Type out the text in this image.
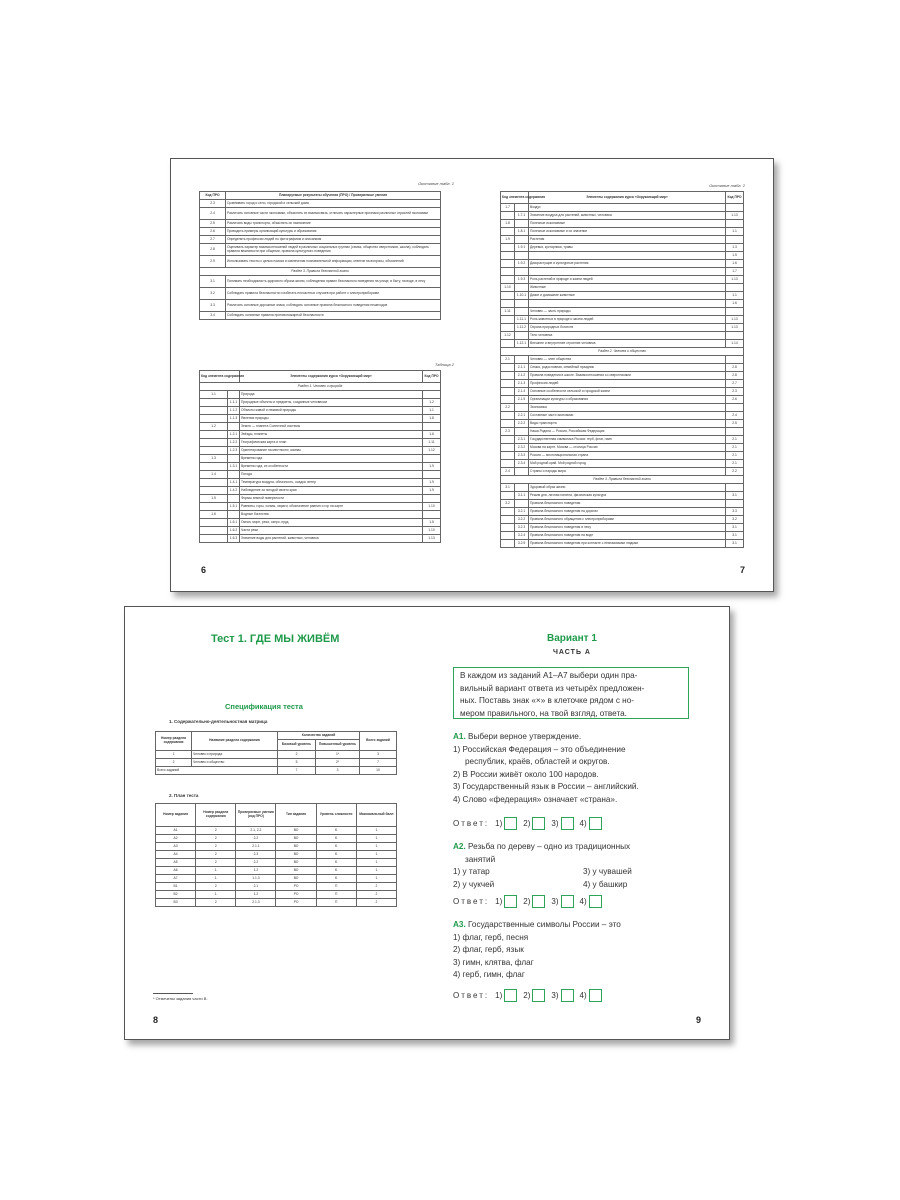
Окончание табл. 1
Код ПРО	Планируемые результаты обучения (ПРО) / Проверяемые умения
2.3	Сравнивать город и село, городской и сельский дома
2.4	Различать основные части экономики, объяснять их взаимосвязь, отличать характерные признаки различных отраслей экономики
2.5	Различать виды транспорта, объяснять их назначение
2.6	Приводить примеры организаций культуры и образования
2.7	Определять профессии людей по фотографиям и описаниям
2.8	Оценивать характер взаимоотношений людей в различных социальных группах (семья, общество сверстников, школа); соблюдать правила вежливости при общении, правила культурного поведения
2.9	Использовать тексты с целью поиска и извлечения познавательной информации, ответов на вопросы, объяснений
Раздел 3. Правила безопасной жизни	
3.1	Понимать необходимость здорового образа жизни, соблюдения правил безопасного поведения на улице, в быту, на воде, в лесу
3.2	Соблюдать правила безопасности и избегать несчастных случаев при работе с электроприборами
3.3	Различать основные дорожные знаки, соблюдать основные правила безопасного поведения пешеходов
3.4	Соблюдать основные правила противопожарной безопасности
Таблица 2
Код элемента содержания		Элементы содержания курса «Окружающий мир»	Код ПРО
Раздел 1. Человек и природа			
1.1		Природа	
	1.1.1	Природные объекты и предметы, созданные человеком	1.2
	1.1.2	Объекты живой и неживой природы	1.1
	1.1.3	Явления природы	1.8
1.2		Земля — планета Солнечной системы	
	1.2.1	Звёзды, планеты	1.6
	1.2.2	Географическая карта и план	1.11
	1.2.3	Ориентирование на местности; компас	1.12
1.3		Времена года	
	1.3.1	Времена года, их особенности	1.9
1.4		Погода	
	1.4.1	Температура воздуха, облачность, осадки, ветер	1.9
	1.4.2	Наблюдение за погодой своего края	1.9
1.5		Формы земной поверхности	
	1.5.1	Равнины, горы, холмы, овраги; обозначение равнин и гор на карте	1.10
1.6		Водные богатства	
	1.6.1	Океан, море, река, озеро, пруд	1.5
	1.6.2	Части реки	1.10
	1.6.3	Значение воды для растений, животных, человека	1.13
6
Окончание табл. 2
Код элемента содержания		Элементы содержания курса «Окружающий мир»	Код ПРО
1.7		Воздух	
	1.7.1	Значение воздуха для растений, животных, человека	1.13
1.8		Полезные ископаемые	
	1.8.1	Полезные ископаемые и их значение	1.1
1.9		Растения	
	1.9.1	Деревья, кустарники, травы	1.3
			1.5
	1.9.2	Дикорастущие и культурные растения	1.6
			1.7
	1.9.3	Роль растений в природе и жизни людей	1.13
1.10		Животные	
	1.10.1	Дикие и домашние животные	1.1
			1.6
1.11		Человек — часть природы	
	1.11.1	Роль животных в природе и жизни людей	1.13
	1.11.2	Охрана природных богатств	1.13
1.12		Тело человека	
	1.12.1	Внешнее и внутреннее строение человека	1.14
Раздел 2. Человек и общество			
2.1		Человек — член общества	
	2.1.1	Семья, родословная, семейный праздник	2.8
	2.1.2	Правила поведения в школе. Взаимоотношения со сверстниками	2.8
	2.1.3	Профессии людей	2.7
	2.1.4	Основные особенности сельской и городской жизни	2.3
	2.1.5	Организации культуры и образования	2.6
2.2		Экономика	
	2.2.1	Составные части экономики	2.4
	2.2.2	Виды транспорта	2.5
2.3		Наша Родина — Россия, Российская Федерация	
	2.3.1	Государственная символика России: герб, флаг, гимн	2.1
	2.3.2	Москва на карте. Москва — столица России	2.1
	2.3.3	Россия — многонациональная страна	2.1
	2.3.4	Мой родной край. Мой родной город	2.1
2.4		Страны и народы мира	2.2
Раздел 3. Правила безопасной жизни			
3.1		Здоровый образ жизни	
	3.1.1	Режим дня, личная гигиена, физическая культура	3.1
3.2		Правила безопасного поведения	
	3.2.1	Правила безопасного поведения на дорогах	3.3
	3.2.2	Правила безопасного обращения с электроприборами	3.2
	3.2.3	Правила безопасного поведения в лесу	3.1
	3.2.4	Правила безопасного поведения на воде	3.1
	3.2.5	Правила безопасного поведения при контакте с незнакомыми людьми	3.1
7
Тест 1. ГДЕ МЫ ЖИВЁМ
Спецификация теста
1. Содержательно-деятельностная матрица
Номер раздела содержания	Название раздела содержания	Количество заданий		Всего заданий
		Базовый уровень	Повышенный уровень	
1	Человек и природа	2	1*	3
2	Человек и общество	5	2*	7
Всего заданий		7	3	10
2. План теста
Номер задания	Номер раздела содержания	Проверяемые умения (код ПРО)	Тип задания	Уровень сложности	Максимальный балл
А1	2	2.1, 2.2	ВО	Б	1
А2	2	2.2	ВО	Б	1
А3	2	2.1.1	ВО	Б	1
А4	2	2.3	ВО	Б	1
А5	2	2.2	ВО	Б	1
А6	1	1.2	ВО	Б	1
А7	1	1.1.3	ВО	Б	1
В1	2	2.1	РО	П	2
В2	1	1.2	РО	П	2
В3	2	2.1.3	РО	П	2
* Отмечены задания части В.
8
Вариант 1
ЧАСТЬ А
В каждом из заданий А1–А7 выбери один пра-
вильный вариант ответа из четырёх предложен-
ных. Поставь знак «×» в клеточке рядом с но-
мером правильного, на твой взгляд, ответа.
А1. Выбери верное утверждение.
1) Российская Федерация – это объединение
республик, краёв, областей и округов.
2) В России живёт около 100 народов.
3) Государственный язык в России – английский.
4) Слово «федерация» означает «страна».
Ответ: 1)	2)	3)	4)
А2. Резьба по дереву – одно из традиционных
занятий
1) у татар	3) у чувашей
2) у чукчей	4) у башкир
Ответ: 1)	2)	3)	4)
А3. Государственные символы России – это
1) флаг, герб, песня
2) флаг, герб, язык
3) гимн, клятва, флаг
4) герб, гимн, флаг
Ответ: 1)	2)	3)	4)
9
